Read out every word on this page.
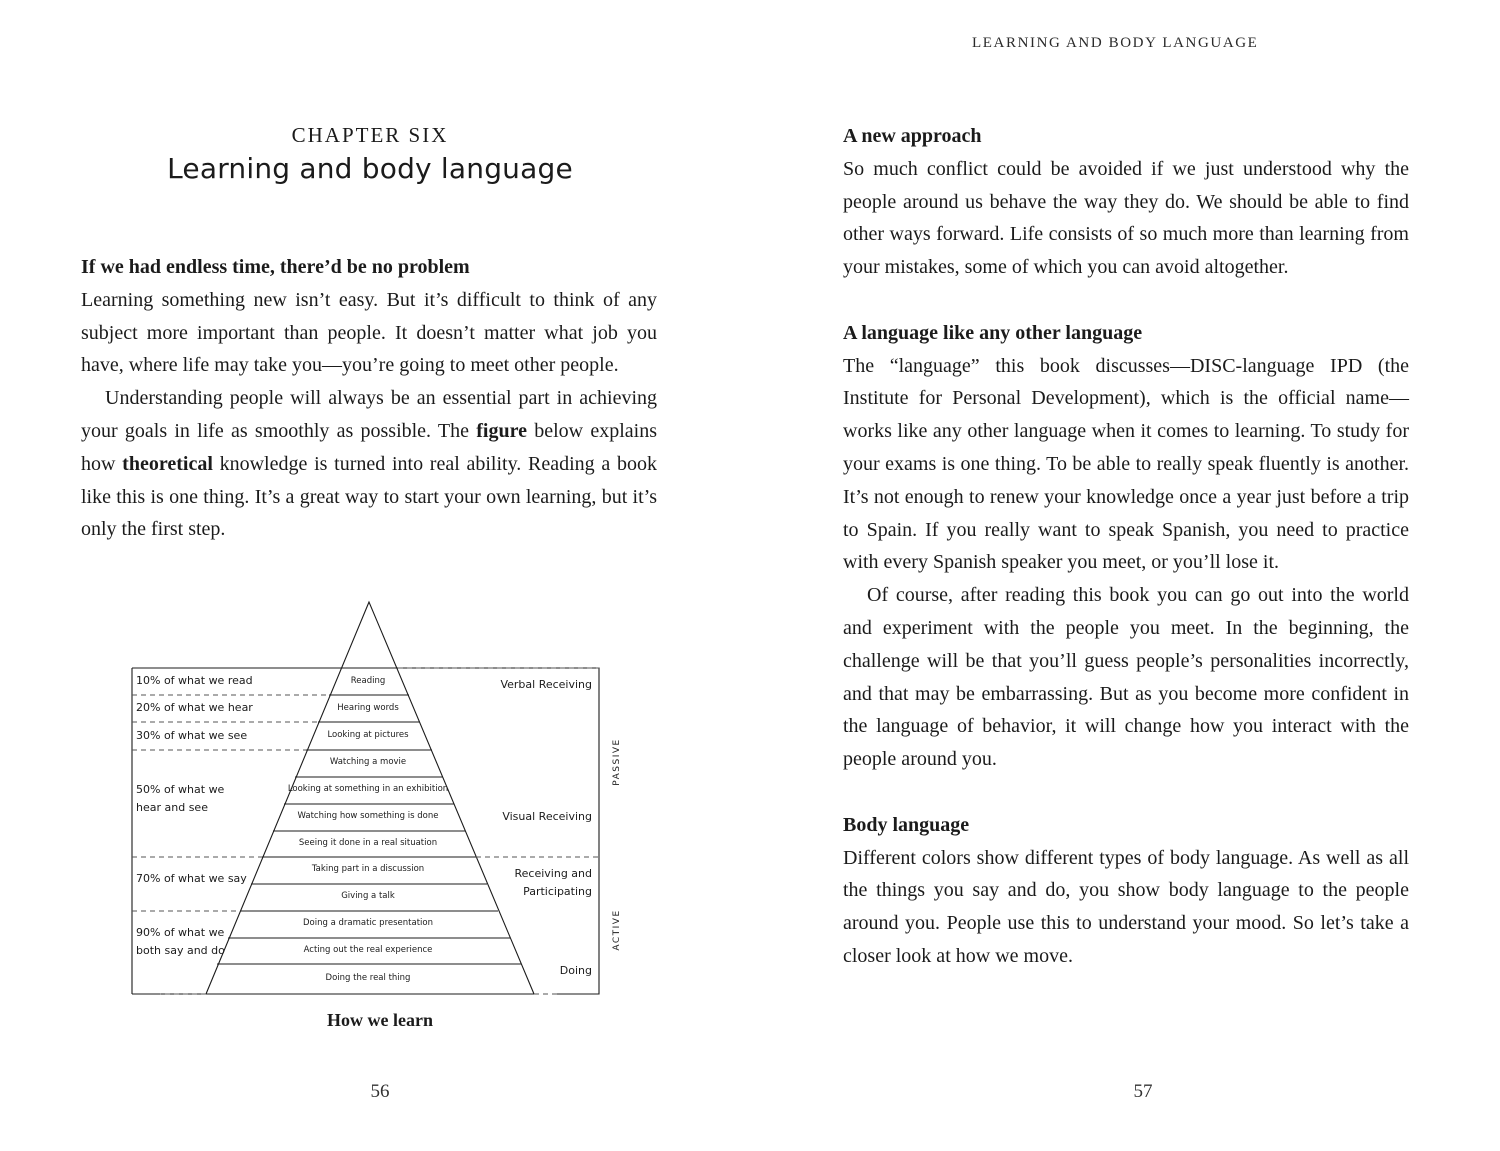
CHAPTER SIX
Learning and body language
If we had endless time, there’d be no problem

Learning something new isn’t easy. But it’s difficult to think of any subject more important than people. It doesn’t matter what job you have, where life may take you—you’re going to meet other people.

Understanding people will always be an essential part in achieving your goals in life as smoothly as possible. The figure below explains how theoretical knowledge is turned into real ability. Reading a book like this is one thing. It’s a great way to start your own learning, but it’s only the first step.

10% of what we read
20% of what we hear
30% of what we see
50% of what we
hear and see
70% of what we say
90% of what we
both say and do
Reading
Hearing words
Looking at pictures
Watching a movie
Looking at something in an exhibition
Watching how something is done
Seeing it done in a real situation
Taking part in a discussion
Giving a talk
Doing a dramatic presentation
Acting out the real experience
Doing the real thing
Verbal Receiving
Visual Receiving
Receiving and
Participating
Doing
PASSIVE
ACTIVE
How we learn
56
LEARNING AND BODY LANGUAGE
A new approach

So much conflict could be avoided if we just understood why the people around us behave the way they do. We should be able to find other ways forward. Life consists of so much more than learning from your mistakes, some of which you can avoid altogether.

A language like any other language

The “language” this book discusses—DISC-language IPD (the Institute for Personal Development), which is the official name—works like any other language when it comes to learning. To study for your exams is one thing. To be able to really speak fluently is another. It’s not enough to renew your knowledge once a year just before a trip to Spain. If you really want to speak Spanish, you need to practice with every Spanish speaker you meet, or you’ll lose it.

Of course, after reading this book you can go out into the world and experiment with the people you meet. In the beginning, the challenge will be that you’ll guess people’s personalities incorrectly, and that may be embarrassing. But as you become more confident in the language of behavior, it will change how you interact with the people around you.

Body language

Different colors show different types of body language. As well as all the things you say and do, you show body language to the people around you. People use this to understand your mood. So let’s take a closer look at how we move.

57
